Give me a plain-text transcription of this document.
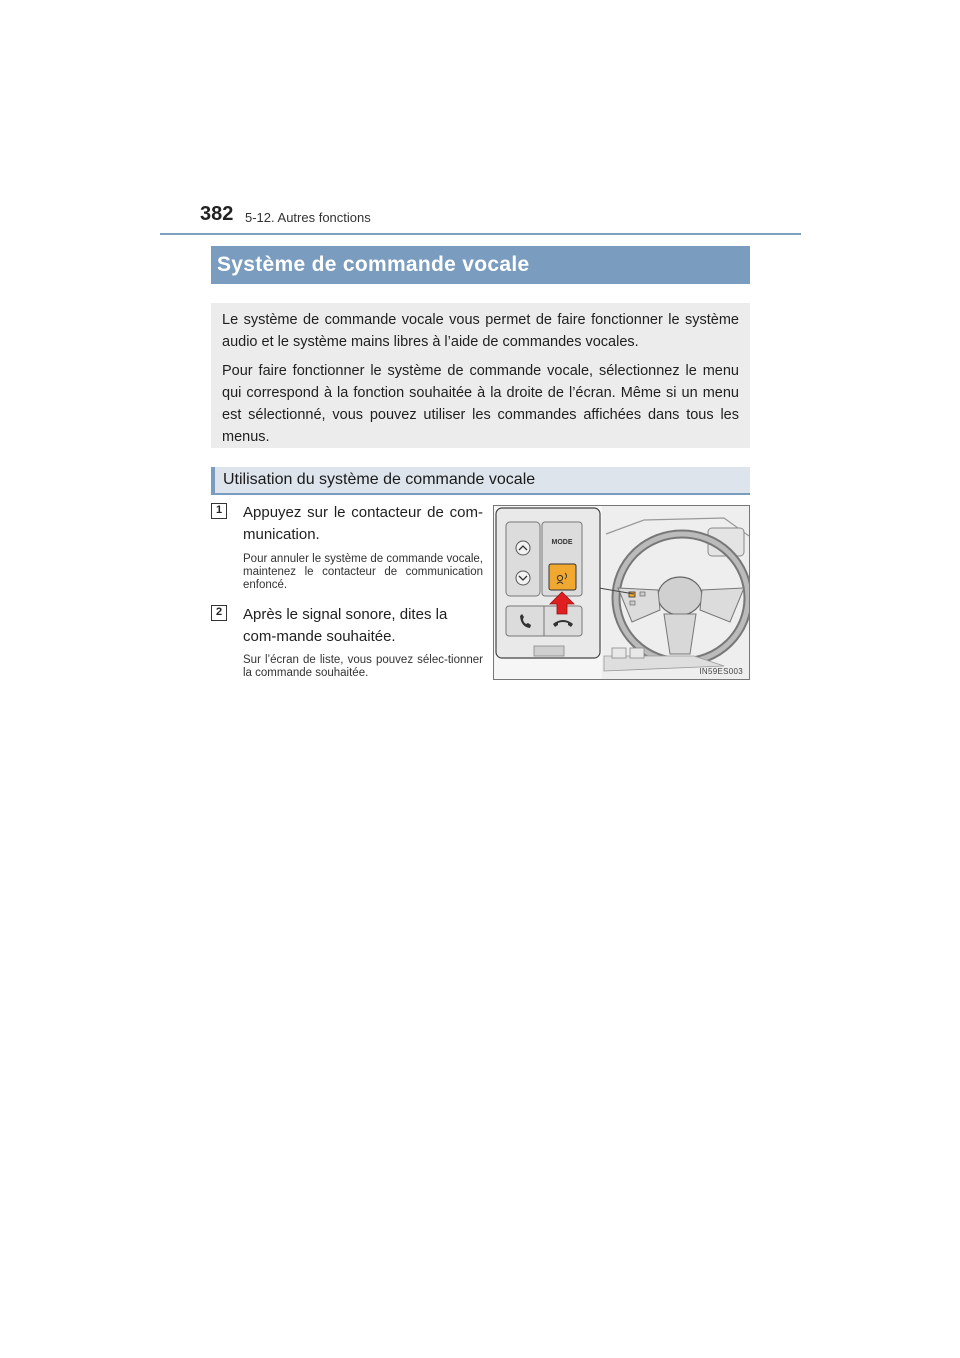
382 5-12. Autres fonctions
Système de commande vocale

Le système de commande vocale vous permet de faire fonctionner le système audio et le système mains libres à l’aide de commandes vocales.

Pour faire fonctionner le système de commande vocale, sélectionnez le menu qui correspond à la fonction souhaitée à la droite de l’écran. Même si un menu est sélectionné, vous pouvez utiliser les commandes affichées dans tous les menus.

Utilisation du système de commande vocale
1	Appuyez sur le contacteur de com-munication.
Pour annuler le système de commande vocale, maintenez le contacteur de communication enfoncé.
2	Après le signal sonore, dites la com-mande souhaitée.
Sur l’écran de liste, vous pouvez sélec-tionner la commande souhaitée.
MODE
IN59ES003
